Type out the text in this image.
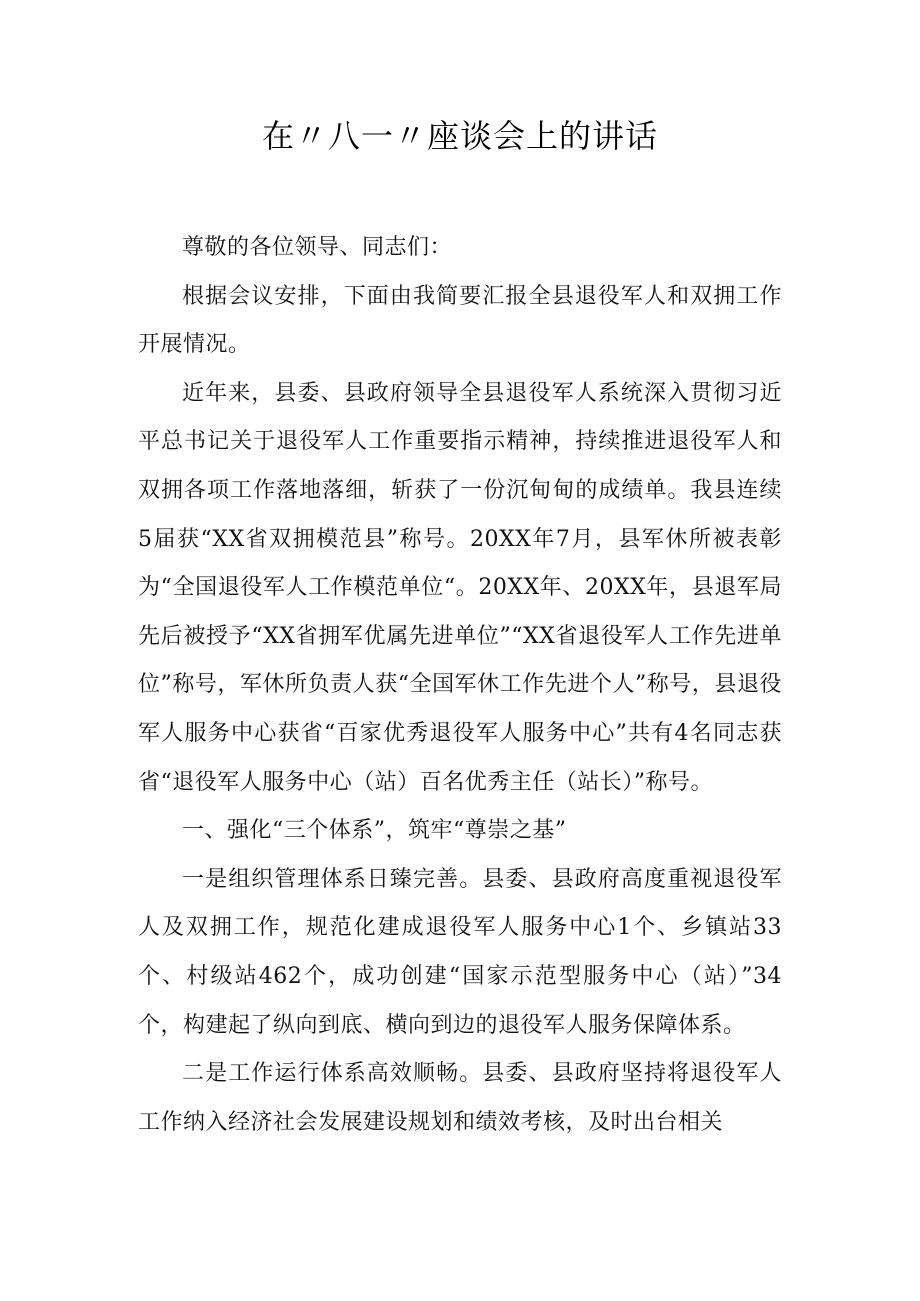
在〃八一〃座谈会上的讲话

尊敬的各位领导、同志们：

根据会议安排，下面由我简要汇报全县退役军人和双拥工作开展情况。

近年来，县委、县政府领导全县退役军人系统深入贯彻习近平总书记关于退役军人工作重要指示精神，持续推进退役军人和双拥各项工作落地落细，斩获了一份沉甸甸的成绩单。我县连续5届获“XX省双拥模范县”称号。20XX年7月，县军休所被表彰为“全国退役军人工作模范单位“。20XX年、20XX年，县退军局先后被授予“XX省拥军优属先进单位”“XX省退役军人工作先进单位”称号，军休所负责人获“全国军休工作先进个人”称号，县退役军人服务中心获省“百家优秀退役军人服务中心”共有4名同志获省“退役军人服务中心（站）百名优秀主任（站长）”称号。

一、强化“三个体系”，筑牢“尊崇之基”

一是组织管理体系日臻完善。县委、县政府高度重视退役军人及双拥工作，规范化建成退役军人服务中心1个、乡镇站33个、村级站462个，成功创建“国家示范型服务中心（站）”34个，构建起了纵向到底、横向到边的退役军人服务保障体系。

二是工作运行体系高效顺畅。县委、县政府坚持将退役军人工作纳入经济社会发展建设规划和绩效考核，及时出台相关
